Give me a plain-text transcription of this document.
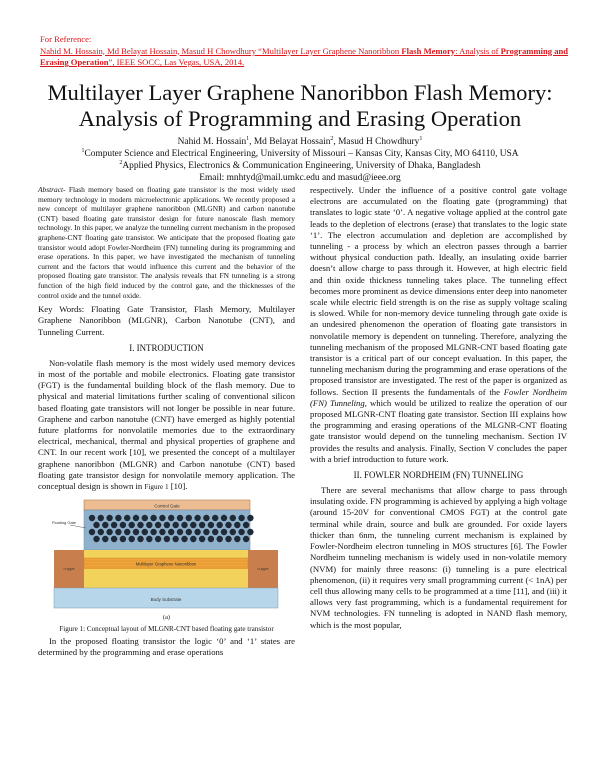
For Reference:
Nahid M. Hossain, Md Belayat Hossain, Masud H Chowdhury “Multilayer Layer Graphene Nanoribbon Flash Memory: Analysis of Programming and Erasing Operation”, IEEE SOCC, Las Vegas, USA, 2014.
Multilayer Layer Graphene Nanoribbon Flash Memory:
Analysis of Programming and Erasing Operation
Nahid M. Hossain$^1$, Md Belayat Hossain$^2$, Masud H Chowdhury$^1$
$^1$Computer Science and Electrical Engineering, University of Missouri – Kansas City, Kansas City, MO 64110, USA
$^2$Applied Physics, Electronics & Communication Engineering, University of Dhaka, Bangladesh
Email: mnhtyd@mail.umkc.edu and masud@ieee.org

Abstract- Flash memory based on floating gate transistor is the most widely used memory technology in modern microelectronic applications. We recently proposed a new concept of multilayer graphene nanoribbon (MLGNR) and carbon nanotube (CNT) based floating gate transistor design for future nanoscale flash memory technology. In this paper, we analyze the tunneling current mechanism in the proposed graphene-CNT floating gate transistor. We anticipate that the proposed floating gate transistor would adopt Fowler-Nordheim (FN) tunneling during its programming and erase operations. In this paper, we have investigated the mechanism of tunneling current and the factors that would influence this current and the behavior of the proposed floating gate transistor. The analysis reveals that FN tunneling is a strong function of the high field induced by the control gate, and the thicknesses of the control oxide and the tunnel oxide.

Key Words: Floating Gate Transistor, Flash Memory, Multilayer Graphene Nanoribbon (MLGNR), Carbon Nanotube (CNT), and Tunneling Current.

I. INTRODUCTION

Non-volatile flash memory is the most widely used memory devices in most of the portable and mobile electronics. Floating gate transistor (FGT) is the fundamental building block of the flash memory. Due to physical and material limitations further scaling of conventional silicon based floating gate transistors will not longer be possible in near future. Graphene and carbon nanotube (CNT) have emerged as highly potential future platforms for nonvolatile memories due to the extraordinary electrical, mechanical, thermal and physical properties of graphene and CNT. In our recent work [10], we presented the concept of a multilayer graphene nanoribbon (MLGNR) and Carbon nanotube (CNT) based floating gate transistor design for nonvolatile memory application. The conceptual design is shown in Figure 1 [10].

Control Gate
Floating Gate
n-type	n-type
Multilayer Graphene Nanoribbon
Body Substrate

(a)

Figure 1: Conceptual layout of MLGNR-CNT based floating gate transistor

In the proposed floating transistor the logic ‘0’ and ‘1’ states are determined by the programming and erase operations

respectively. Under the influence of a positive control gate voltage electrons are accumulated on the floating gate (programming) that translates to logic state ‘0’. A negative voltage applied at the control gate leads to the depletion of electrons (erase) that translates to the logic state ‘1’. The electron accumulation and depletion are accomplished by tunneling - a process by which an electron passes through a barrier without physical conduction path. Ideally, an insulating oxide barrier doesn’t allow charge to pass through it. However, at high electric field and thin oxide thickness tunneling takes place. The tunneling effect becomes more prominent as device dimensions enter deep into nanometer scale while electric field strength is on the rise as supply voltage scaling is slowed. While for non-memory device tunneling through gate oxide is an undesired phenomenon the operation of floating gate transistors in nonvolatile memory is dependent on tunneling. Therefore, analyzing the tunneling mechanism of the proposed MLGNR-CNT based floating gate transistor is a critical part of our concept evaluation. In this paper, the tunneling mechanism during the programming and erase operations of the proposed transistor are investigated. The rest of the paper is organized as follows. Section II presents the fundamentals of the Fowler Nordheim (FN) Tunneling, which would be utilized to realize the operation of our proposed MLGNR-CNT floating gate transistor. Section III explains how the programming and erasing operations of the MLGNR-CNT floating gate transistor would depend on the tunneling mechanism. Section IV provides the results and analysis. Finally, Section V concludes the paper with a brief introduction to future work.

II. FOWLER NORDHEIM (FN) TUNNELING

There are several mechanisms that allow charge to pass through insulating oxide. FN programming is achieved by applying a high voltage (around 15-20V for conventional CMOS FGT) at the control gate terminal while drain, source and bulk are grounded. For oxide layers thicker than 6nm, the tunneling current mechanism is explained by Fowler-Nordheim electron tunneling in MOS structures [6]. The Fowler Nordheim tunneling mechanism is widely used in non-volatile memory (NVM) for mainly three reasons: (i) tunneling is a pure electrical phenomenon, (ii) it requires very small programming current (< 1nA) per cell thus allowing many cells to be programmed at a time [11], and (iii) it allows very fast programming, which is a fundamental requirement for NVM technologies. FN tunneling is adopted in NAND flash memory, which is the most popular,
